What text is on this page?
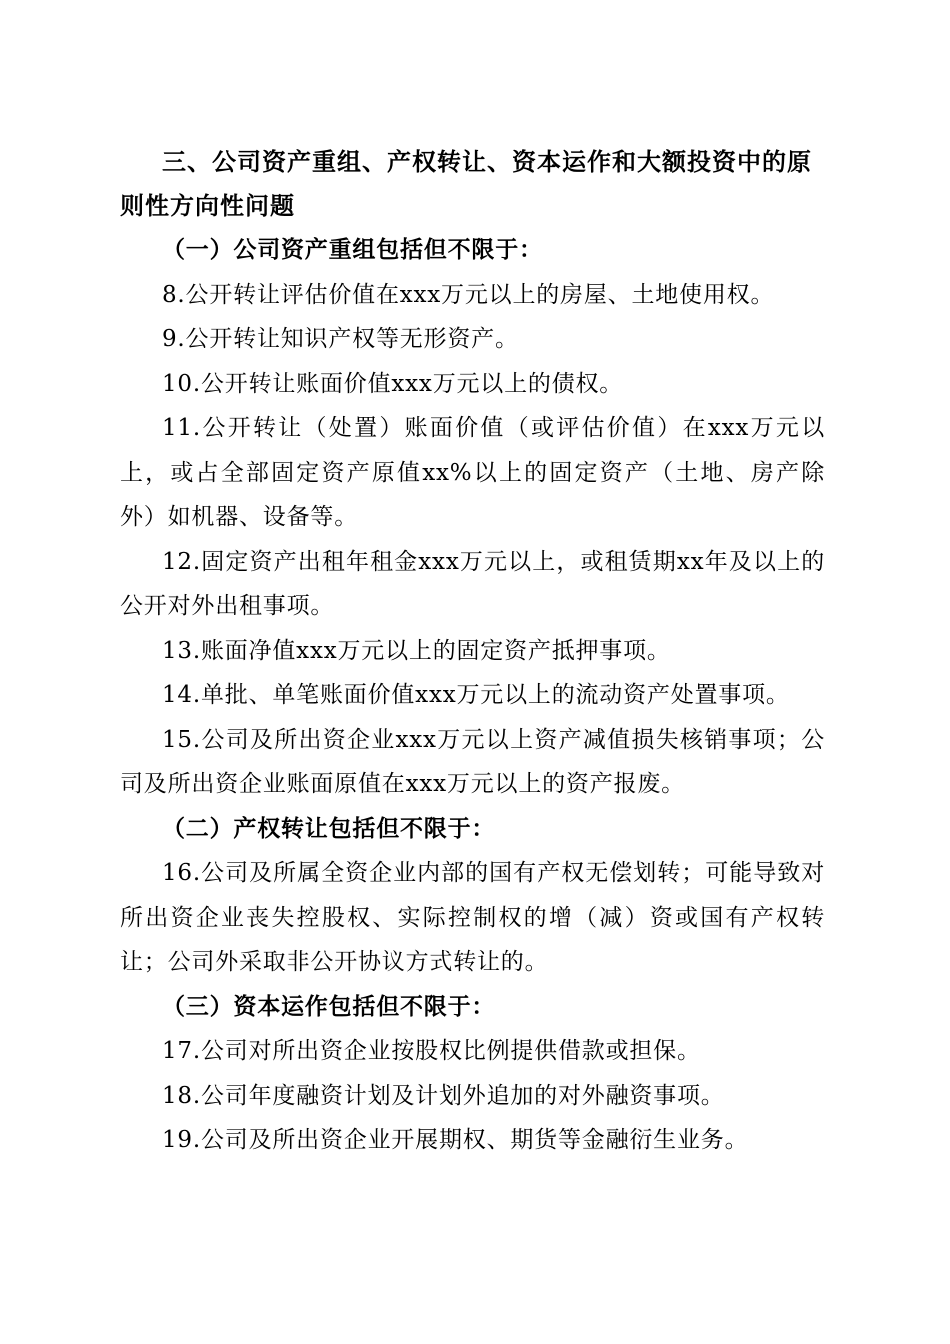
三、公司资产重组、产权转让、资本运作和大额投资中的原则性方向性问题

（一）公司资产重组包括但不限于：

8.公开转让评估价值在xxx万元以上的房屋、土地使用权。

9.公开转让知识产权等无形资产。

10.公开转让账面价值xxx万元以上的债权。

11.公开转让（处置）账面价值（或评估价值）在xxx万元以上，或占全部固定资产原值xx%以上的固定资产（土地、房产除外）如机器、设备等。

12.固定资产出租年租金xxx万元以上，或租赁期xx年及以上的公开对外出租事项。

13.账面净值xxx万元以上的固定资产抵押事项。

14.单批、单笔账面价值xxx万元以上的流动资产处置事项。

15.公司及所出资企业xxx万元以上资产减值损失核销事项；公司及所出资企业账面原值在xxx万元以上的资产报废。

（二）产权转让包括但不限于：

16.公司及所属全资企业内部的国有产权无偿划转；可能导致对所出资企业丧失控股权、实际控制权的增（减）资或国有产权转让；公司外采取非公开协议方式转让的。

（三）资本运作包括但不限于：

17.公司对所出资企业按股权比例提供借款或担保。

18.公司年度融资计划及计划外追加的对外融资事项。

19.公司及所出资企业开展期权、期货等金融衍生业务。
